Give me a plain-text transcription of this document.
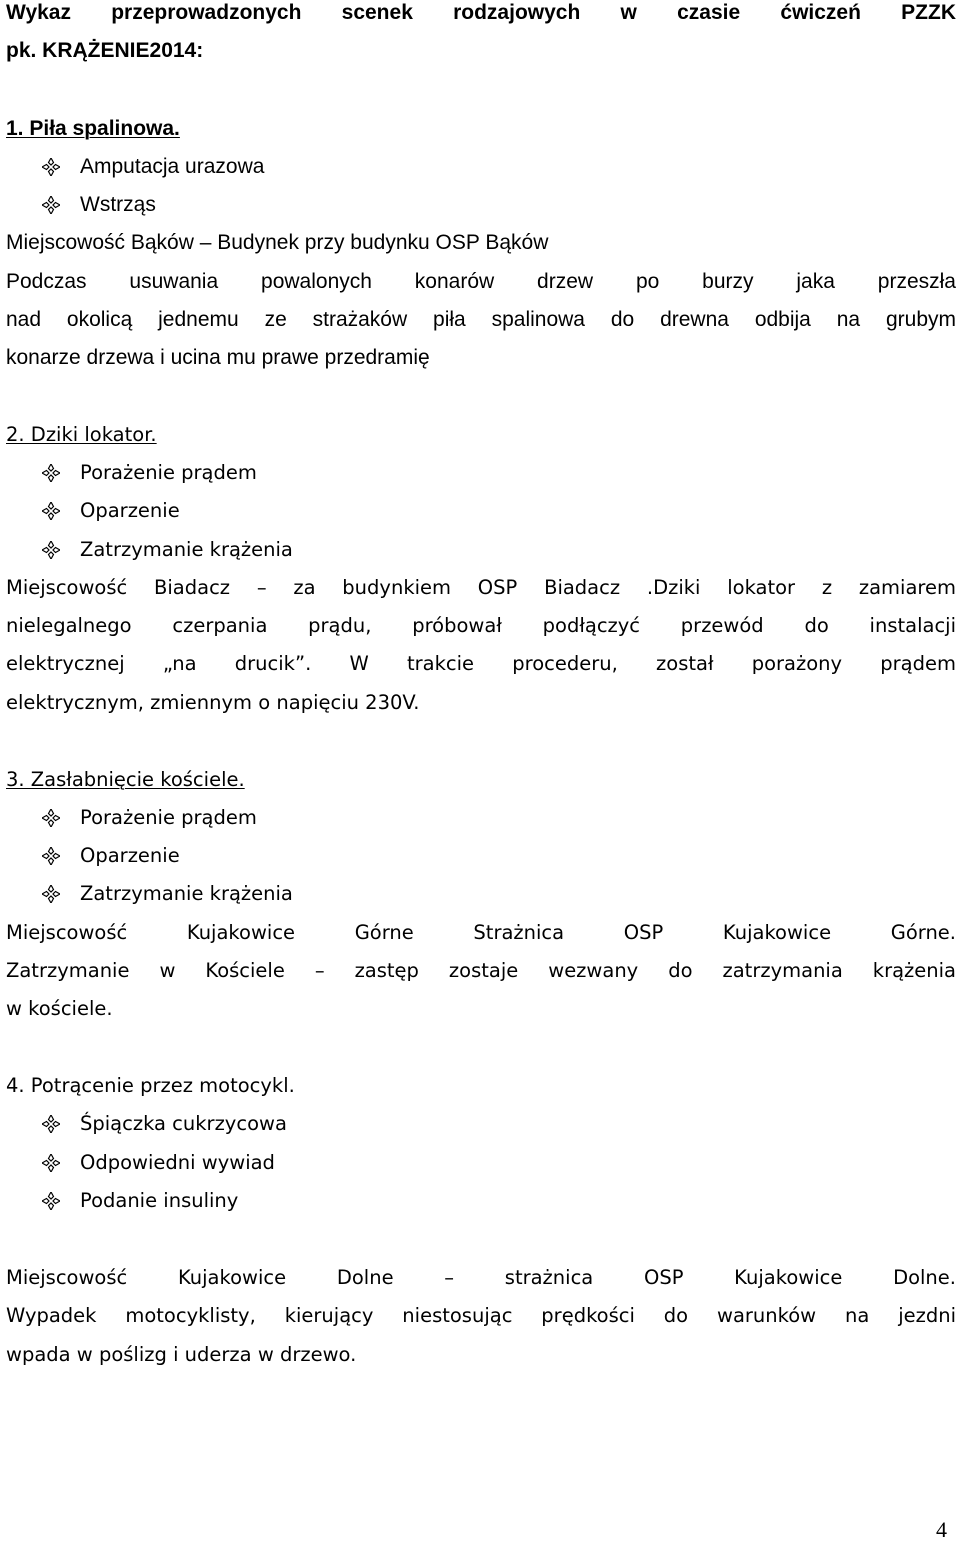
Wykaz przeprowadzonych scenek rodzajowych w czasie ćwiczeń PZZK
pk. KRĄŻENIE2014:
1. Piła spalinowa.
Amputacja urazowa
Wstrząs
Miejscowość Bąków – Budynek przy budynku OSP Bąków
Podczas usuwania powalonych konarów drzew po burzy jaka przeszła
nad okolicą jednemu ze strażaków piła spalinowa do drewna odbija na grubym
konarze drzewa i ucina mu prawe przedramię
2. Dziki lokator.
Porażenie prądem
Oparzenie
Zatrzymanie krążenia
Miejscowość Biadacz – za budynkiem OSP Biadacz .Dziki lokator z zamiarem
nielegalnego czerpania prądu, próbował podłączyć przewód do instalacji
elektrycznej „na drucik”. W trakcie procederu, został porażony prądem
elektrycznym, zmiennym o napięciu 230V.
3. Zasłabnięcie kościele.
Porażenie prądem
Oparzenie
Zatrzymanie krążenia
Miejscowość Kujakowice Górne Strażnica OSP Kujakowice Górne.
Zatrzymanie w Kościele – zastęp zostaje wezwany do zatrzymania krążenia
w kościele.
4. Potrącenie przez motocykl.
Śpiączka cukrzycowa
Odpowiedni wywiad
Podanie insuliny
Miejscowość Kujakowice Dolne – strażnica OSP Kujakowice Dolne.
Wypadek motocyklisty, kierujący niestosując prędkości do warunków na jezdni
wpada w poślizg i uderza w drzewo.
4
